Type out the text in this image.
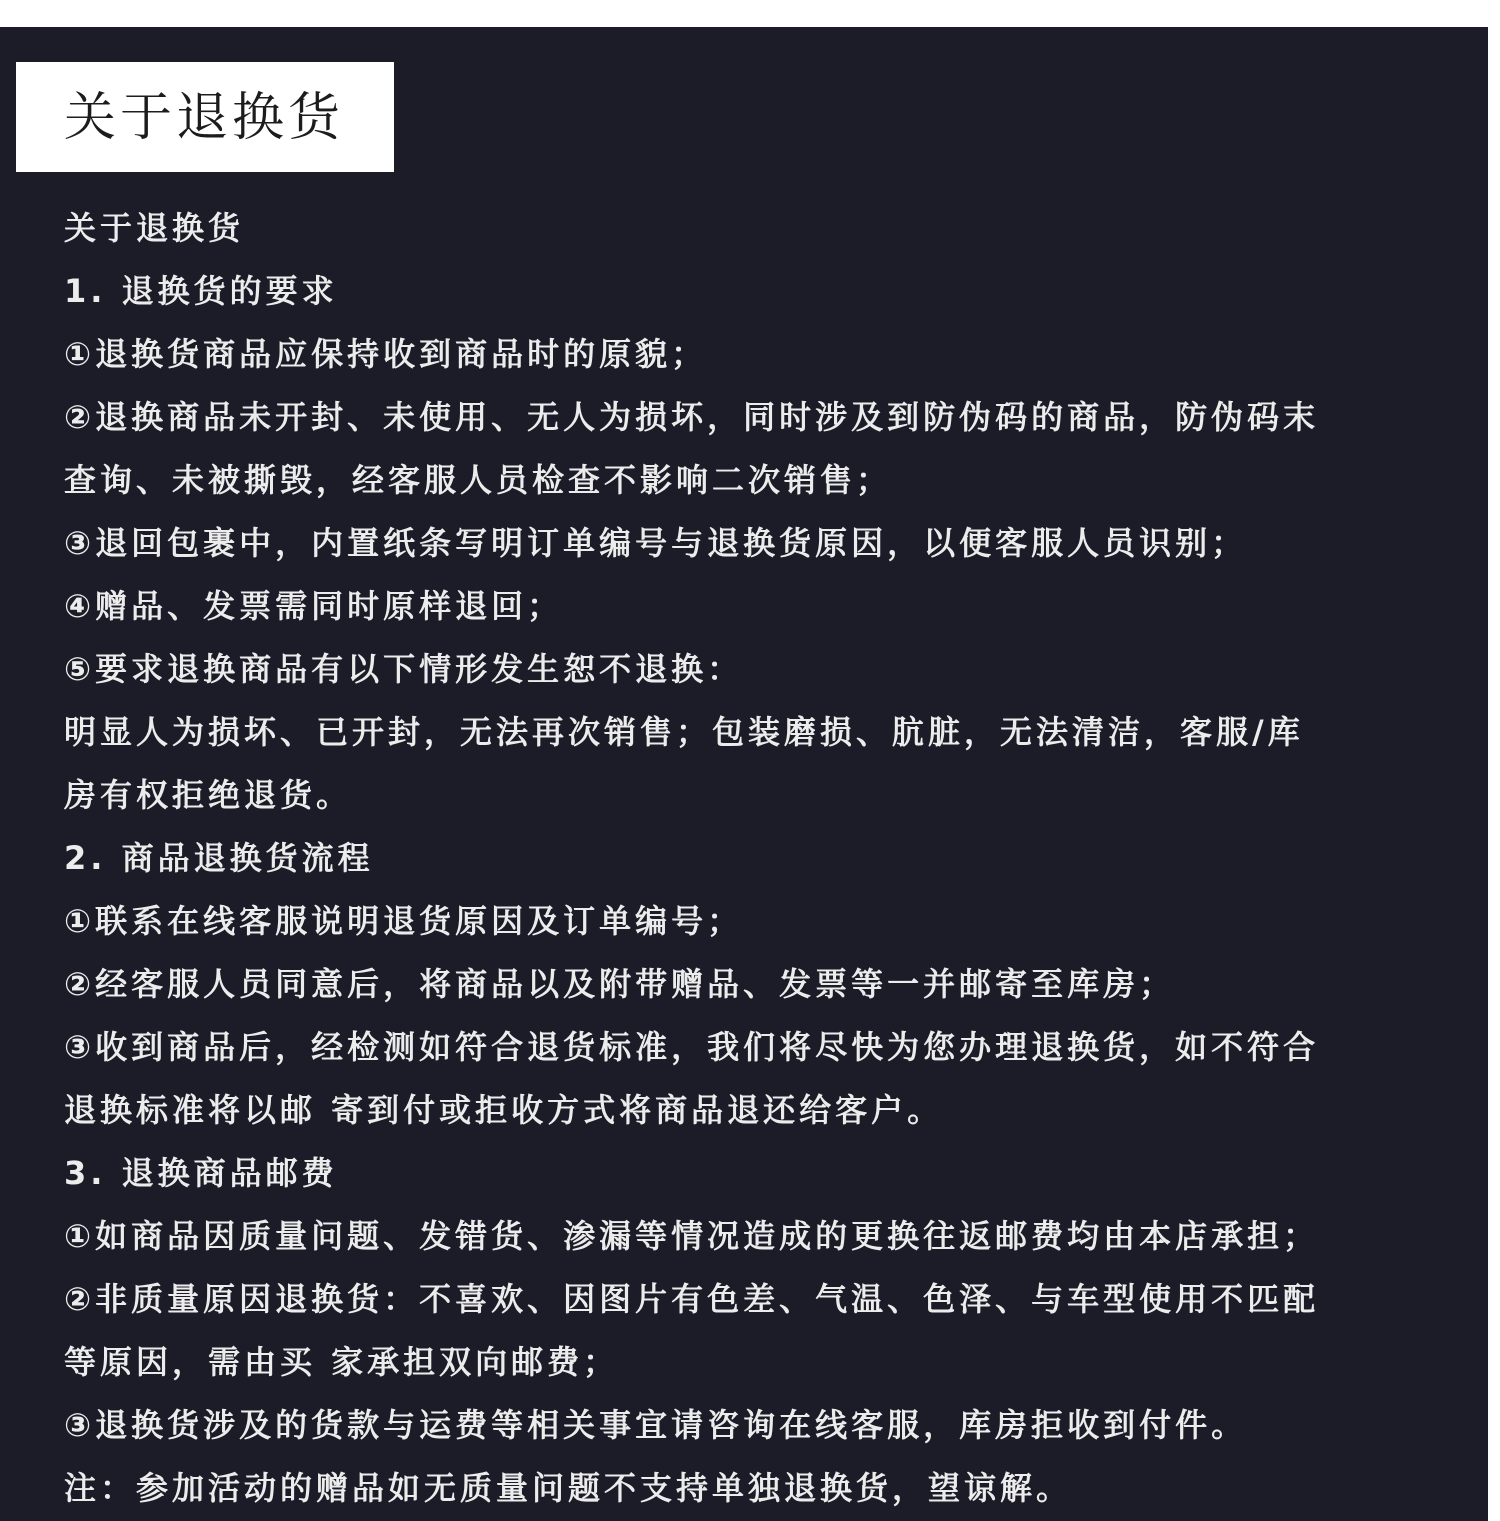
关于退换货
关于退换货
1. 退换货的要求
①退换货商品应保持收到商品时的原貌；
②退换商品未开封、未使用、无人为损坏，同时涉及到防伪码的商品，防伪码末
查询、未被撕毁，经客服人员检查不影响二次销售；
③退回包裹中，内置纸条写明订单编号与退换货原因，以便客服人员识别；
④赠品、发票需同时原样退回；
⑤要求退换商品有以下情形发生恕不退换：
明显人为损坏、已开封，无法再次销售；包装磨损、肮脏，无法清洁，客服/库
房有权拒绝退货。
2. 商品退换货流程
①联系在线客服说明退货原因及订单编号；
②经客服人员同意后，将商品以及附带赠品、发票等一并邮寄至库房；
③收到商品后，经检测如符合退货标准，我们将尽快为您办理退换货，如不符合
退换标准将以邮 寄到付或拒收方式将商品退还给客户。
3. 退换商品邮费
①如商品因质量问题、发错货、渗漏等情况造成的更换往返邮费均由本店承担；
②非质量原因退换货：不喜欢、因图片有色差、气温、色泽、与车型使用不匹配
等原因，需由买 家承担双向邮费；
③退换货涉及的货款与运费等相关事宜请咨询在线客服，库房拒收到付件。
注：参加活动的赠品如无质量问题不支持单独退换货，望谅解。
